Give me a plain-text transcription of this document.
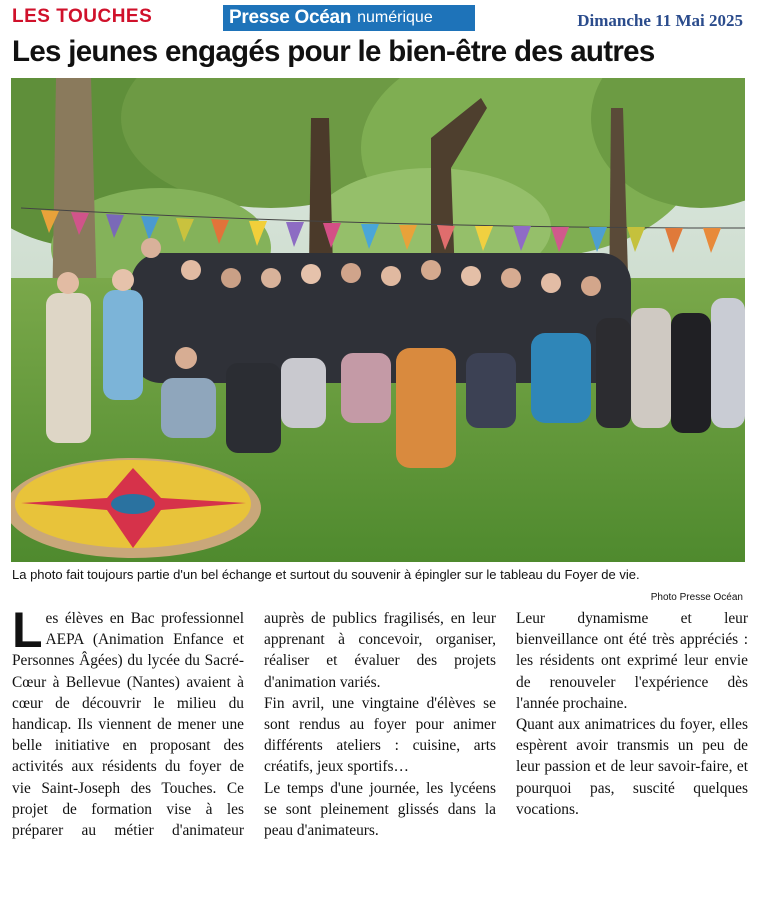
LES TOUCHES	Presse Océan numérique	Dimanche 11 Mai 2025
Les jeunes engagés pour le bien-être des autres
La photo fait toujours partie d'un bel échange et surtout du souvenir à épingler sur le tableau du Foyer de vie.
Photo Presse Océan

Les élèves en Bac professionnel AEPA (Animation Enfance et Personnes Âgées) du lycée du Sacré-Cœur à Bellevue (Nantes) avaient à cœur de découvrir le milieu du handicap. Ils viennent de mener une belle initiative en proposant des activités aux résidents du foyer de vie Saint-Joseph des Touches. Ce projet de formation vise à les préparer au métier d'animateur auprès de publics fragilisés, en leur apprenant à concevoir, organiser, réaliser et évaluer des projets d'animation variés.

Fin avril, une vingtaine d'élèves se sont rendus au foyer pour animer différents ateliers : cuisine, arts créatifs, jeux sportifs…

Le temps d'une journée, les lycéens se sont pleinement glissés dans la peau d'animateurs.

Leur dynamisme et leur bienveillance ont été très appréciés : les résidents ont exprimé leur envie de renouveler l'expérience dès l'année prochaine.

Quant aux animatrices du foyer, elles espèrent avoir transmis un peu de leur passion et de leur savoir-faire, et pourquoi pas, suscité quelques vocations.
